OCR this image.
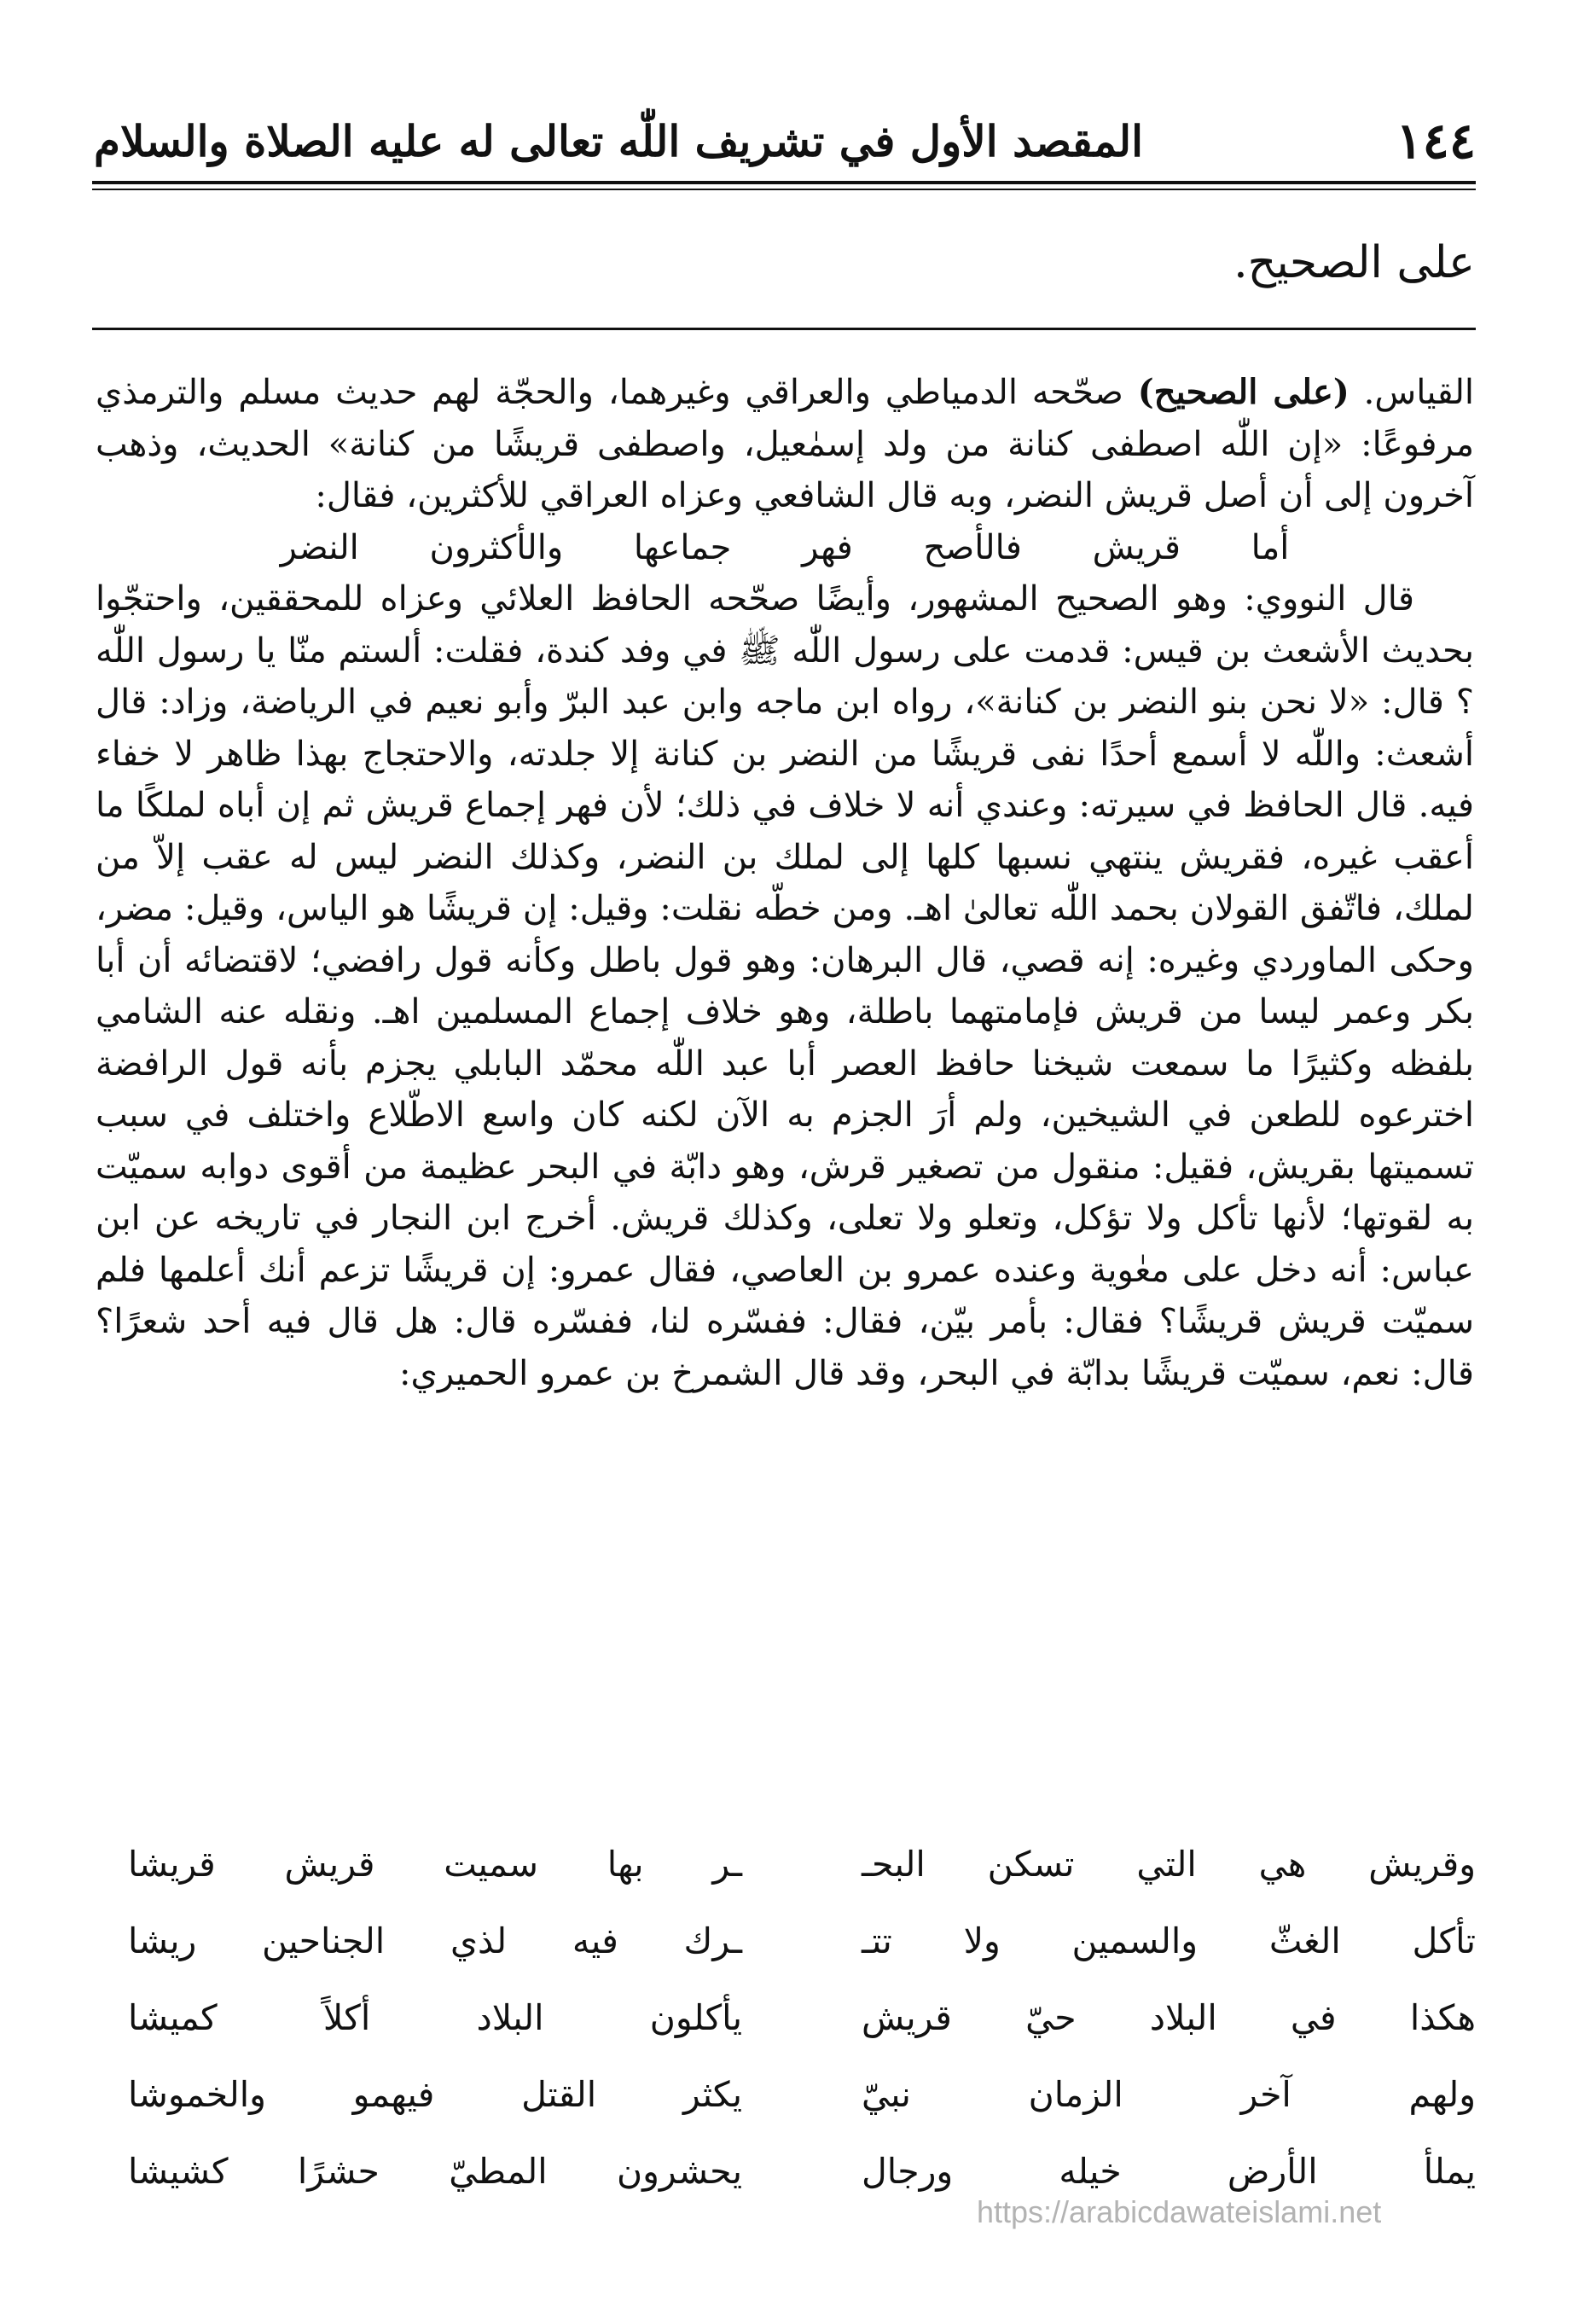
١٤٤
المقصد الأول في تشريف اللّٰه تعالى له عليه الصلاة والسلام
على الصحيح.

القياس. (على الصحيح) صحّحه الدمياطي والعراقي وغيرهما، والحجّة لهم حديث مسلم والترمذي مرفوعًا: «إن اللّٰه اصطفى كنانة من ولد إسمٰعيل، واصطفى قريشًا من كنانة» الحديث، وذهب آخرون إلى أن أصل قريش النضر، وبه قال الشافعي وعزاه العراقي للأكثرين، فقال:

أما قريش فالأصح فهر جماعها والأكثرون النضر

قال النووي: وهو الصحيح المشهور، وأيضًا صحّحه الحافظ العلائي وعزاه للمحققين، واحتجّوا بحديث الأشعث بن قيس: قدمت على رسول اللّٰه ﷺ في وفد كندة، فقلت: ألستم منّا يا رسول اللّٰه ؟ قال: «لا نحن بنو النضر بن كنانة»، رواه ابن ماجه وابن عبد البرّ وأبو نعيم في الرياضة، وزاد: قال أشعث: واللّٰه لا أسمع أحدًا نفى قريشًا من النضر بن كنانة إلا جلدته، والاحتجاج بهذا ظاهر لا خفاء فيه. قال الحافظ في سيرته: وعندي أنه لا خلاف في ذلك؛ لأن فهر إجماع قريش ثم إن أباه لملكًا ما أعقب غيره، فقريش ينتهي نسبها كلها إلى لملك بن النضر، وكذلك النضر ليس له عقب إلاّ من لملك، فاتّفق القولان بحمد اللّٰه تعالىٰ اهـ. ومن خطّه نقلت: وقيل: إن قريشًا هو الياس، وقيل: مضر، وحكى الماوردي وغيره: إنه قصي، قال البرهان: وهو قول باطل وكأنه قول رافضي؛ لاقتضائه أن أبا بكر وعمر ليسا من قريش فإمامتهما باطلة، وهو خلاف إجماع المسلمين اهـ. ونقله عنه الشامي بلفظه وكثيرًا ما سمعت شيخنا حافظ العصر أبا عبد اللّٰه محمّد البابلي يجزم بأنه قول الرافضة اخترعوه للطعن في الشيخين، ولم أرَ الجزم به الآن لكنه كان واسع الاطّلاع واختلف في سبب تسميتها بقريش، فقيل: منقول من تصغير قرش، وهو دابّة في البحر عظيمة من أقوى دوابه سميّت به لقوتها؛ لأنها تأكل ولا تؤكل، وتعلو ولا تعلى، وكذلك قريش. أخرج ابن النجار في تاريخه عن ابن عباس: أنه دخل على معٰوية وعنده عمرو بن العاصي، فقال عمرو: إن قريشًا تزعم أنك أعلمها فلم سميّت قريش قريشًا؟ فقال: بأمر بيّن، فقال: ففسّره لنا، ففسّره قال: هل قال فيه أحد شعرًا؟ قال: نعم، سميّت قريشًا بدابّة في البحر، وقد قال الشمرخ بن عمرو الحميري:

وقريش هي التي تسكن البحـ
ـر بها سميت قريش قريشا
تأكل الغثّ والسمين ولا تتـ
ـرك فيه لذي الجناحين ريشا
هكذا في البلاد حيّ قريش
يأكلون البلاد أكلاً كميشا
ولهم آخر الزمان نبيّ
يكثر القتل فيهمو والخموشا
يملأ الأرض خيله ورجال
يحشرون المطيّ حشرًا كشيشا
https://arabicdawateislami.net
